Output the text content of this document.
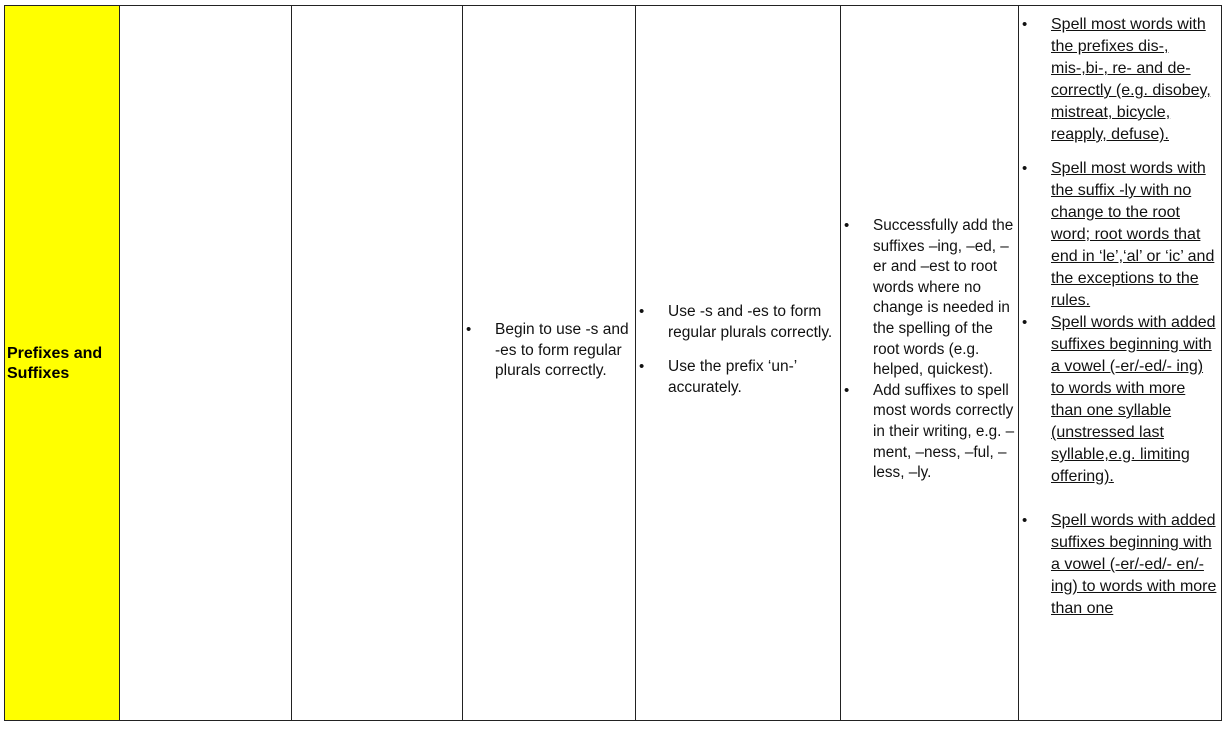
Prefixes and Suffixes
• Begin to use -s and -es to form regular plurals correctly.
• Use -s and -es to form regular plurals correctly.
• Use the prefix ‘un-’ accurately.
• Successfully add the suffixes –ing, –ed, –er and –est to root words where no change is needed in the spelling of the root words (e.g. helped, quickest).
• Add suffixes to spell most words correctly in their writing, e.g. –ment, –ness, –ful, –less, –ly.
• Spell most words with the prefixes dis-, mis-,bi-, re- and de- correctly (e.g. disobey, mistreat, bicycle, reapply, defuse).
• Spell most words with the suffix -ly with no change to the root word; root words that end in ‘le’,‘al’ or ‘ic’ and the exceptions to the rules.
• Spell words with added suffixes beginning with a vowel (-er/-ed/- ing) to words with more than one syllable (unstressed last syllable,e.g. limiting offering).
• Spell words with added suffixes beginning with a vowel (-er/-ed/- en/-ing) to words with more than one
